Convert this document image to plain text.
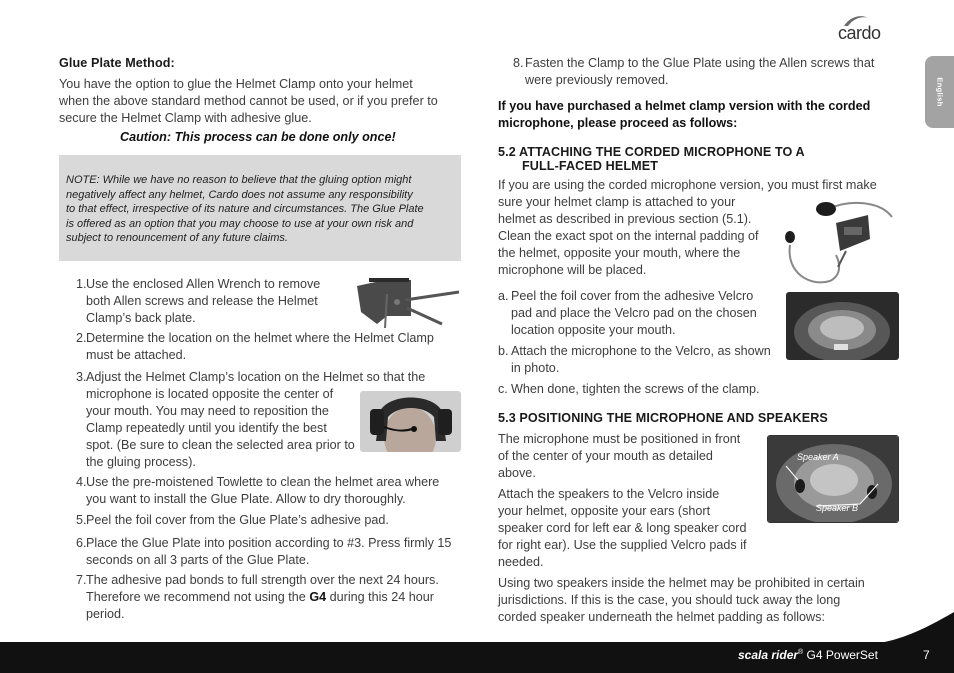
cardo
English
Glue Plate Method:

You have the option to glue the Helmet Clamp onto your helmet

when the above standard method cannot be used, or if you prefer to

secure the Helmet Clamp with adhesive glue.

Caution: This process can be done only once!

NOTE: While we have no reason to believe that the gluing option might

negatively affect any helmet, Cardo does not assume any responsibility

to that effect, irrespective of its nature and circumstances. The Glue Plate

is offered as an option that you may choose to use at your own risk and

subject to renouncement of any future claims.

1. Use the enclosed Allen Wrench to remove
both Allen screws and release the Helmet
Clamp’s back plate.
2. Determine the location on the helmet where the Helmet Clamp
must be attached.
3. Adjust the Helmet Clamp’s location on the Helmet so that the
microphone is located opposite the center of
your mouth. You may need to reposition the
Clamp repeatedly until you identify the best
spot. (Be sure to clean the selected area prior to
the gluing process).
4. Use the pre-moistened Towlette to clean the helmet area where
you want to install the Glue Plate. Allow to dry thoroughly.
5. Peel the foil cover from the Glue Plate’s adhesive pad.
6. Place the Glue Plate into position according to #3. Press firmly 15
seconds on all 3 parts of the Glue Plate.
7. The adhesive pad bonds to full strength over the next 24 hours.
Therefore we recommend not using the G4 during this 24 hour
period.
8. Fasten the Clamp to the Glue Plate using the Allen screws that
were previously removed.
If you have purchased a helmet clamp version with the corded
microphone, please proceed as follows:
5.2 ATTACHING THE CORDED MICROPHONE TO A
FULL-FACED HELMET

If you are using the corded microphone version, you must first make

sure your helmet clamp is attached to your

helmet as described in previous section (5.1).

Clean the exact spot on the internal padding of

the helmet, opposite your mouth, where the

microphone will be placed.

a. Peel the foil cover from the adhesive Velcro
pad and place the Velcro pad on the chosen
location opposite your mouth.
b. Attach the microphone to the Velcro, as shown
in photo.
c. When done, tighten the screws of the clamp.
5.3 POSITIONING THE MICROPHONE AND SPEAKERS

The microphone must be positioned in front

of the center of your mouth as detailed

above.

Speaker A
Speaker B

Attach the speakers to the Velcro inside

your helmet, opposite your ears (short

speaker cord for left ear & long speaker cord

for right ear). Use the supplied Velcro pads if

needed.

Using two speakers inside the helmet may be prohibited in certain

jurisdictions. If this is the case, you should tuck away the long

corded speaker underneath the helmet padding as follows:

scala rider® G4 PowerSet	7
